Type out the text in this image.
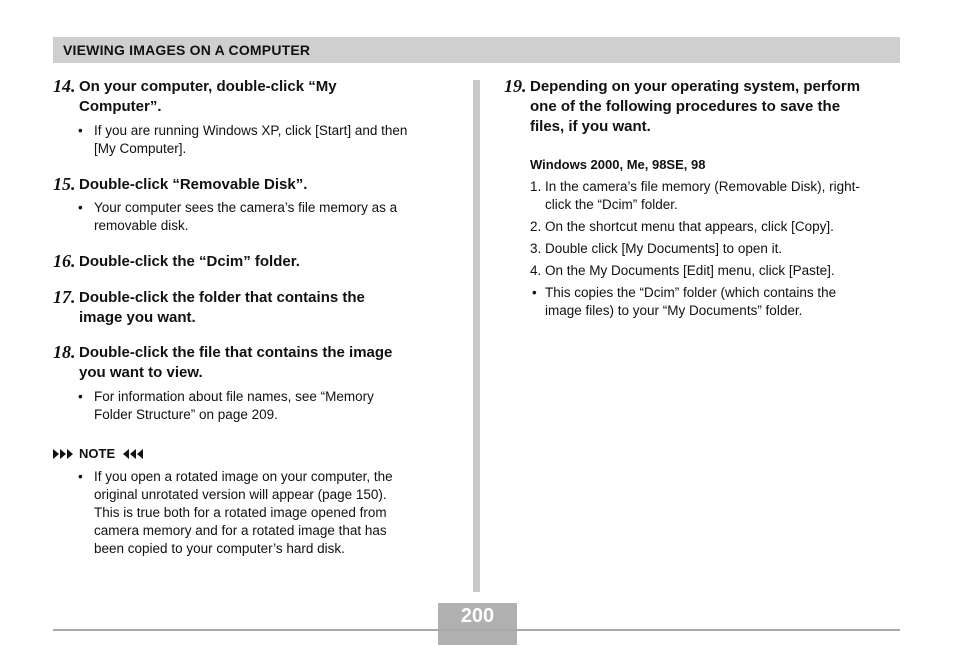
VIEWING IMAGES ON A COMPUTER
14. On your computer, double-click “My
Computer”.
• If you are running Windows XP, click [Start] and then
[My Computer].
15. Double-click “Removable Disk”.
• Your computer sees the camera’s file memory as a
removable disk.
16. Double-click the “Dcim” folder.
17. Double-click the folder that contains the
image you want.
18. Double-click the file that contains the image
you want to view.
• For information about file names, see “Memory
Folder Structure” on page 209.
NOTE
• If you open a rotated image on your computer, the
original unrotated version will appear (page 150).
This is true both for a rotated image opened from
camera memory and for a rotated image that has
been copied to your computer’s hard disk.
19. Depending on your operating system, perform
one of the following procedures to save the
files, if you want.
Windows 2000, Me, 98SE, 98
1. In the camera’s file memory (Removable Disk), right-
click the “Dcim” folder.
2. On the shortcut menu that appears, click [Copy].
3. Double click [My Documents] to open it.
4. On the My Documents [Edit] menu, click [Paste].
• This copies the “Dcim” folder (which contains the
image files) to your “My Documents” folder.
200
